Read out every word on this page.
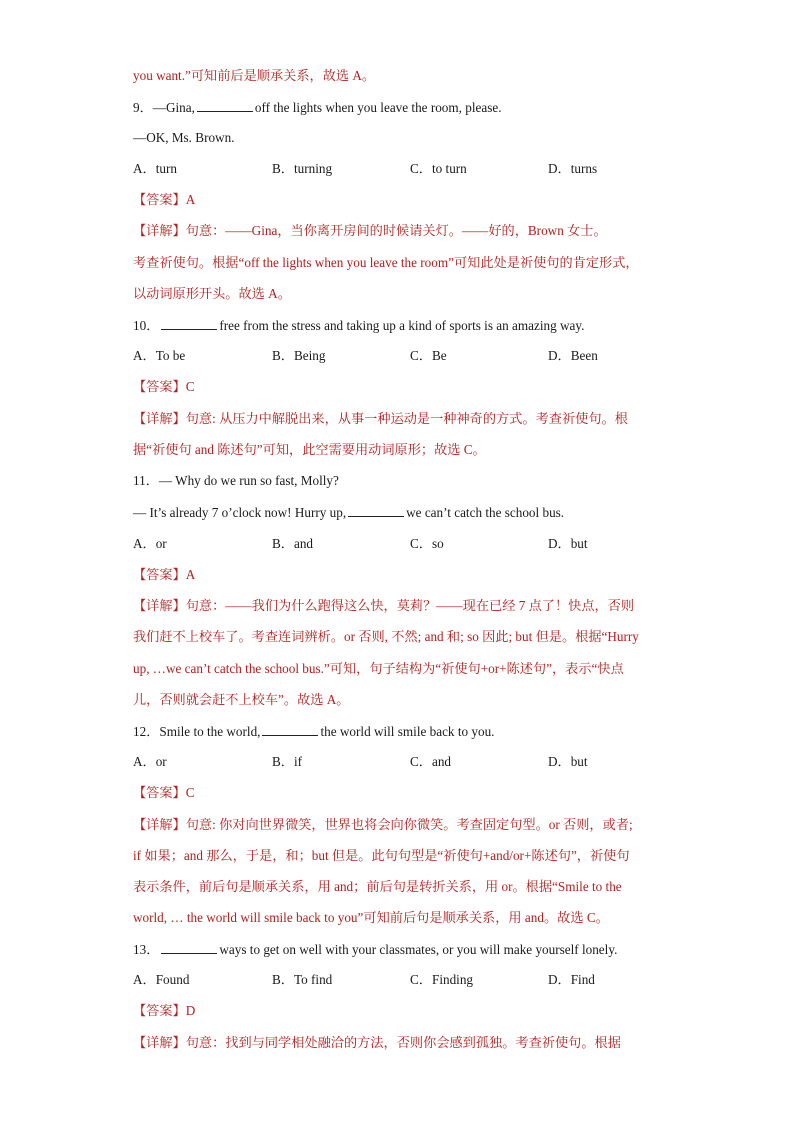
you want.”可知前后是顺承关系，故选 A。
9．—Gina,	off the lights when you leave the room, please.
—OK, Ms. Brown.
A．turn	B．turning	C．to turn	D．turns
【答案】A
【详解】句意：——Gina，当你离开房间的时候请关灯。——好的，Brown 女士。
考查祈使句。根据“off the lights when you leave the room”可知此处是祈使句的肯定形式，
以动词原形开头。故选 A。
10．	free from the stress and taking up a kind of sports is an amazing way.
A．To be	B．Being	C．Be	D．Been
【答案】C
【详解】句意: 从压力中解脱出来，从事一种运动是一种神奇的方式。考查祈使句。根
据“祈使句 and 陈述句”可知，此空需要用动词原形；故选 C。
11．— Why do we run so fast, Molly?
— It’s already 7 o’clock now! Hurry up,	we can’t catch the school bus.
A．or	B．and	C．so	D．but
【答案】A
【详解】句意：——我们为什么跑得这么快，莫莉？——现在已经 7 点了！快点，否则
我们赶不上校车了。考查连词辨析。or 否则, 不然; and 和; so 因此; but 但是。根据“Hurry
up, …we can’t catch the school bus.”可知，句子结构为“祈使句+or+陈述句”，表示“快点
儿，否则就会赶不上校车”。故选 A。
12．Smile to the world,	the world will smile back to you.
A．or	B．if	C．and	D．but
【答案】C
【详解】句意: 你对向世界微笑，世界也将会向你微笑。考查固定句型。or 否则，或者;
if 如果；and 那么，于是，和；but 但是。此句句型是“祈使句+and/or+陈述句”，祈使句
表示条件，前后句是顺承关系，用 and；前后句是转折关系，用 or。根据“Smile to the
world, … the world will smile back to you”可知前后句是顺承关系，用 and。故选 C。
13．	ways to get on well with your classmates, or you will make yourself lonely.
A．Found	B．To find	C．Finding	D．Find
【答案】D
【详解】句意：找到与同学相处融洽的方法，否则你会感到孤独。考查祈使句。根据
